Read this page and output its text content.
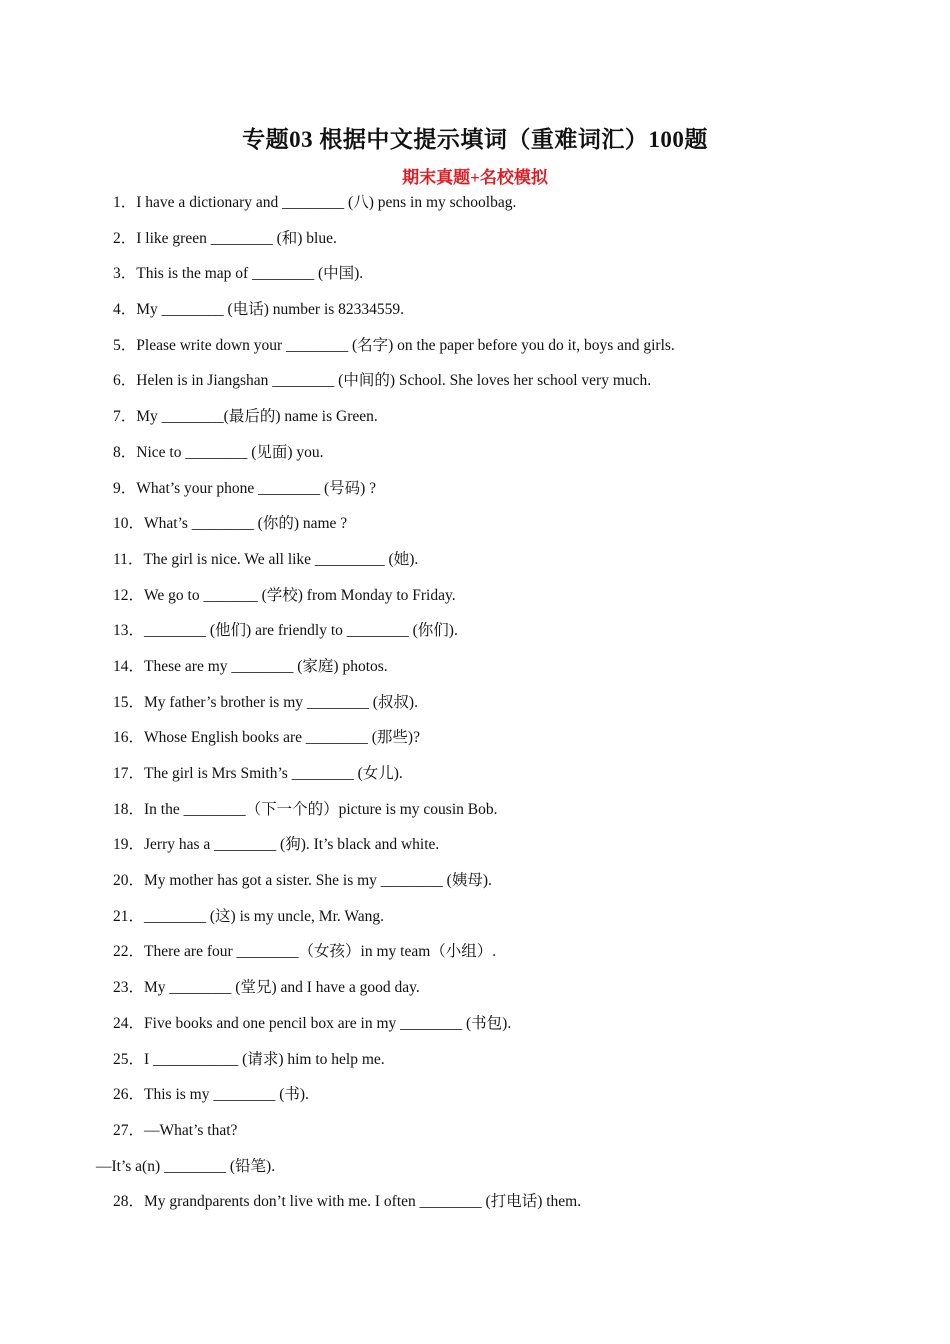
专题03 根据中文提示填词（重难词汇）100题
期末真题+名校模拟
1．I have a dictionary and ________ (八) pens in my schoolbag.
2．I like green ________ (和) blue.
3．This is the map of ________ (中国).
4．My ________ (电话) number is 82334559.
5．Please write down your ________ (名字) on the paper before you do it, boys and girls.
6．Helen is in Jiangshan ________ (中间的) School. She loves her school very much.
7．My ________(最后的) name is Green.
8．Nice to ________ (见面) you.
9．What’s your phone ________ (号码) ?
10．What’s ________ (你的) name ?
11．The girl is nice. We all like _________ (她).
12．We go to _______ (学校) from Monday to Friday.
13．________ (他们) are friendly to ________ (你们).
14．These are my ________ (家庭) photos.
15．My father’s brother is my ________ (叔叔).
16．Whose English books are ________ (那些)?
17．The girl is Mrs Smith’s ________ (女儿).
18．In the ________（下一个的）picture is my cousin Bob.
19．Jerry has a ________ (狗). It’s black and white.
20．My mother has got a sister. She is my ________ (姨母).
21．________ (这) is my uncle, Mr. Wang.
22．There are four ________（女孩）in my team（小组）.
23．My ________ (堂兄) and I have a good day.
24．Five books and one pencil box are in my ________ (书包).
25．I ___________ (请求) him to help me.
26．This is my ________ (书).
27．—What’s that?
—It’s a(n) ________ (铅笔).
28．My grandparents don’t live with me. I often ________ (打电话) them.
